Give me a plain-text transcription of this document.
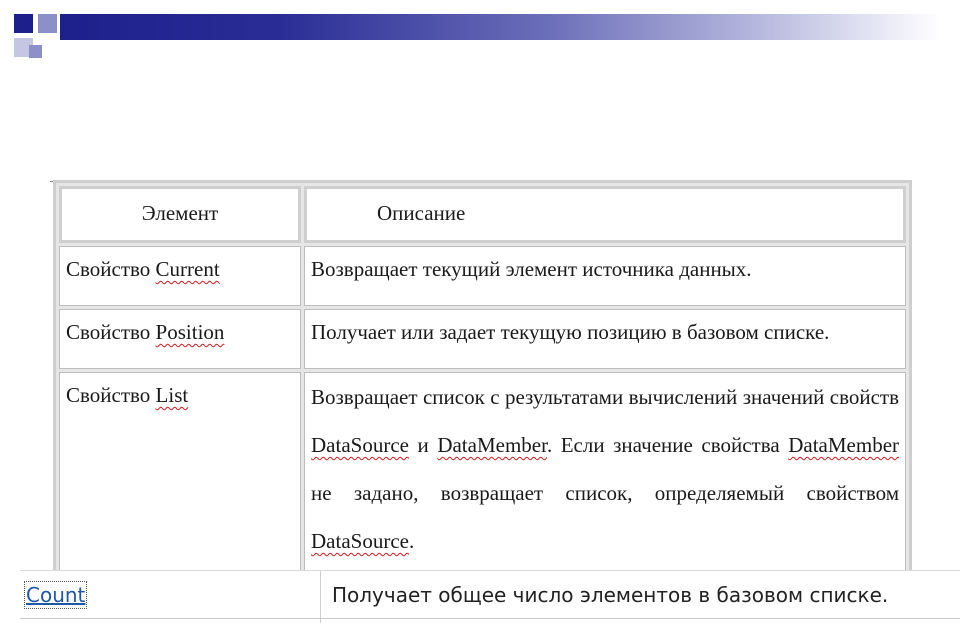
Элемент	Описание
Свойство Current	Возвращает текущий элемент источника данных.
Свойство Position	Получает или задает текущую позицию в базовом списке.
Свойство List	Возвращает список с результатами вычислений значений свойств DataSource и DataMember. Если значение свойства DataMember не задано, возвращает список, определяемый свойством DataSource.
Count	Получает общее число элементов в базовом списке.
